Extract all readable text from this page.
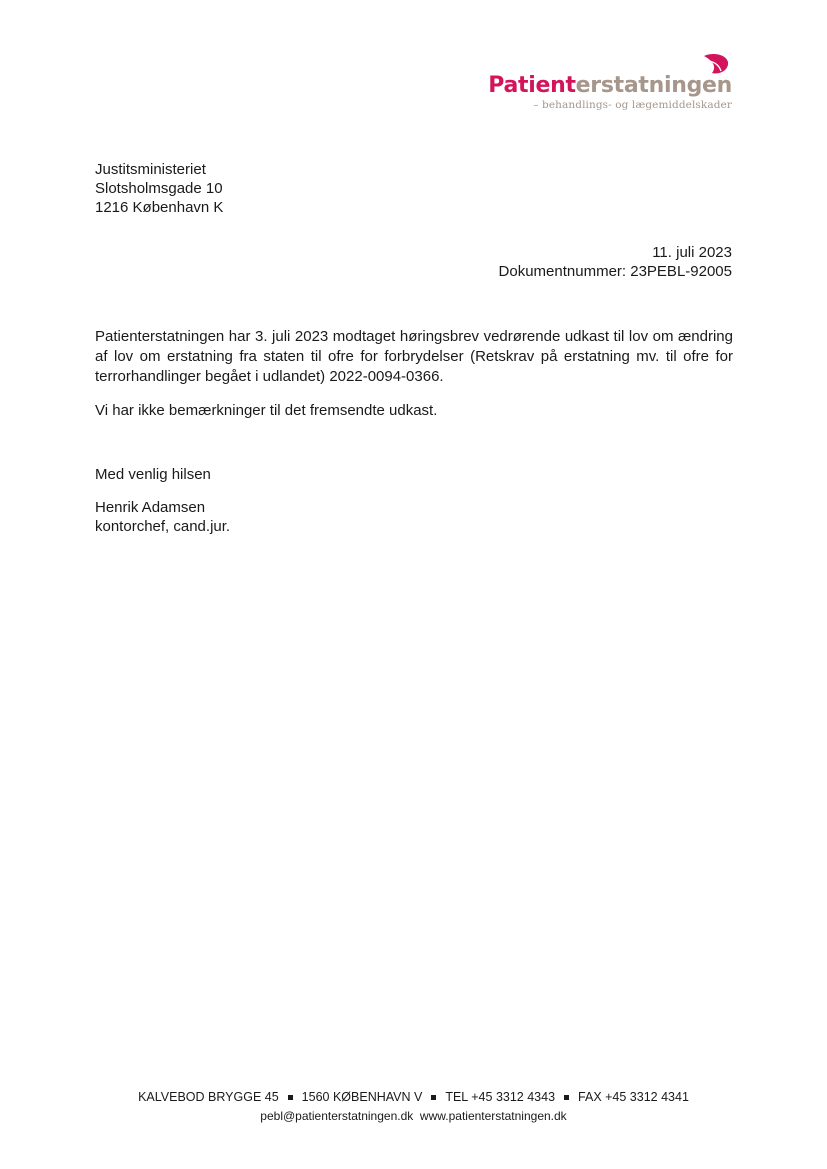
Patienterstatningen
– behandlings- og lægemiddelskader
Justitsministeriet
Slotsholmsgade 10
1216 København K
11. juli 2023
Dokumentnummer: 23PEBL-92005

Patienterstatningen har 3. juli 2023 modtaget høringsbrev vedrørende udkast til lov om ændring af lov om erstatning fra staten til ofre for forbrydelser (Retskrav på erstatning mv. til ofre for terrorhandlinger begået i udlandet) 2022-0094-0366.

Vi har ikke bemærkninger til det fremsendte udkast.

Med venlig hilsen

Henrik Adamsen
kontorchef, cand.jur.
KALVEBOD BRYGGE 45 1560 KØBENHAVN V TEL +45 3312 4343 FAX +45 3312 4341
pebl@patienterstatningen.dk www.patienterstatningen.dk
